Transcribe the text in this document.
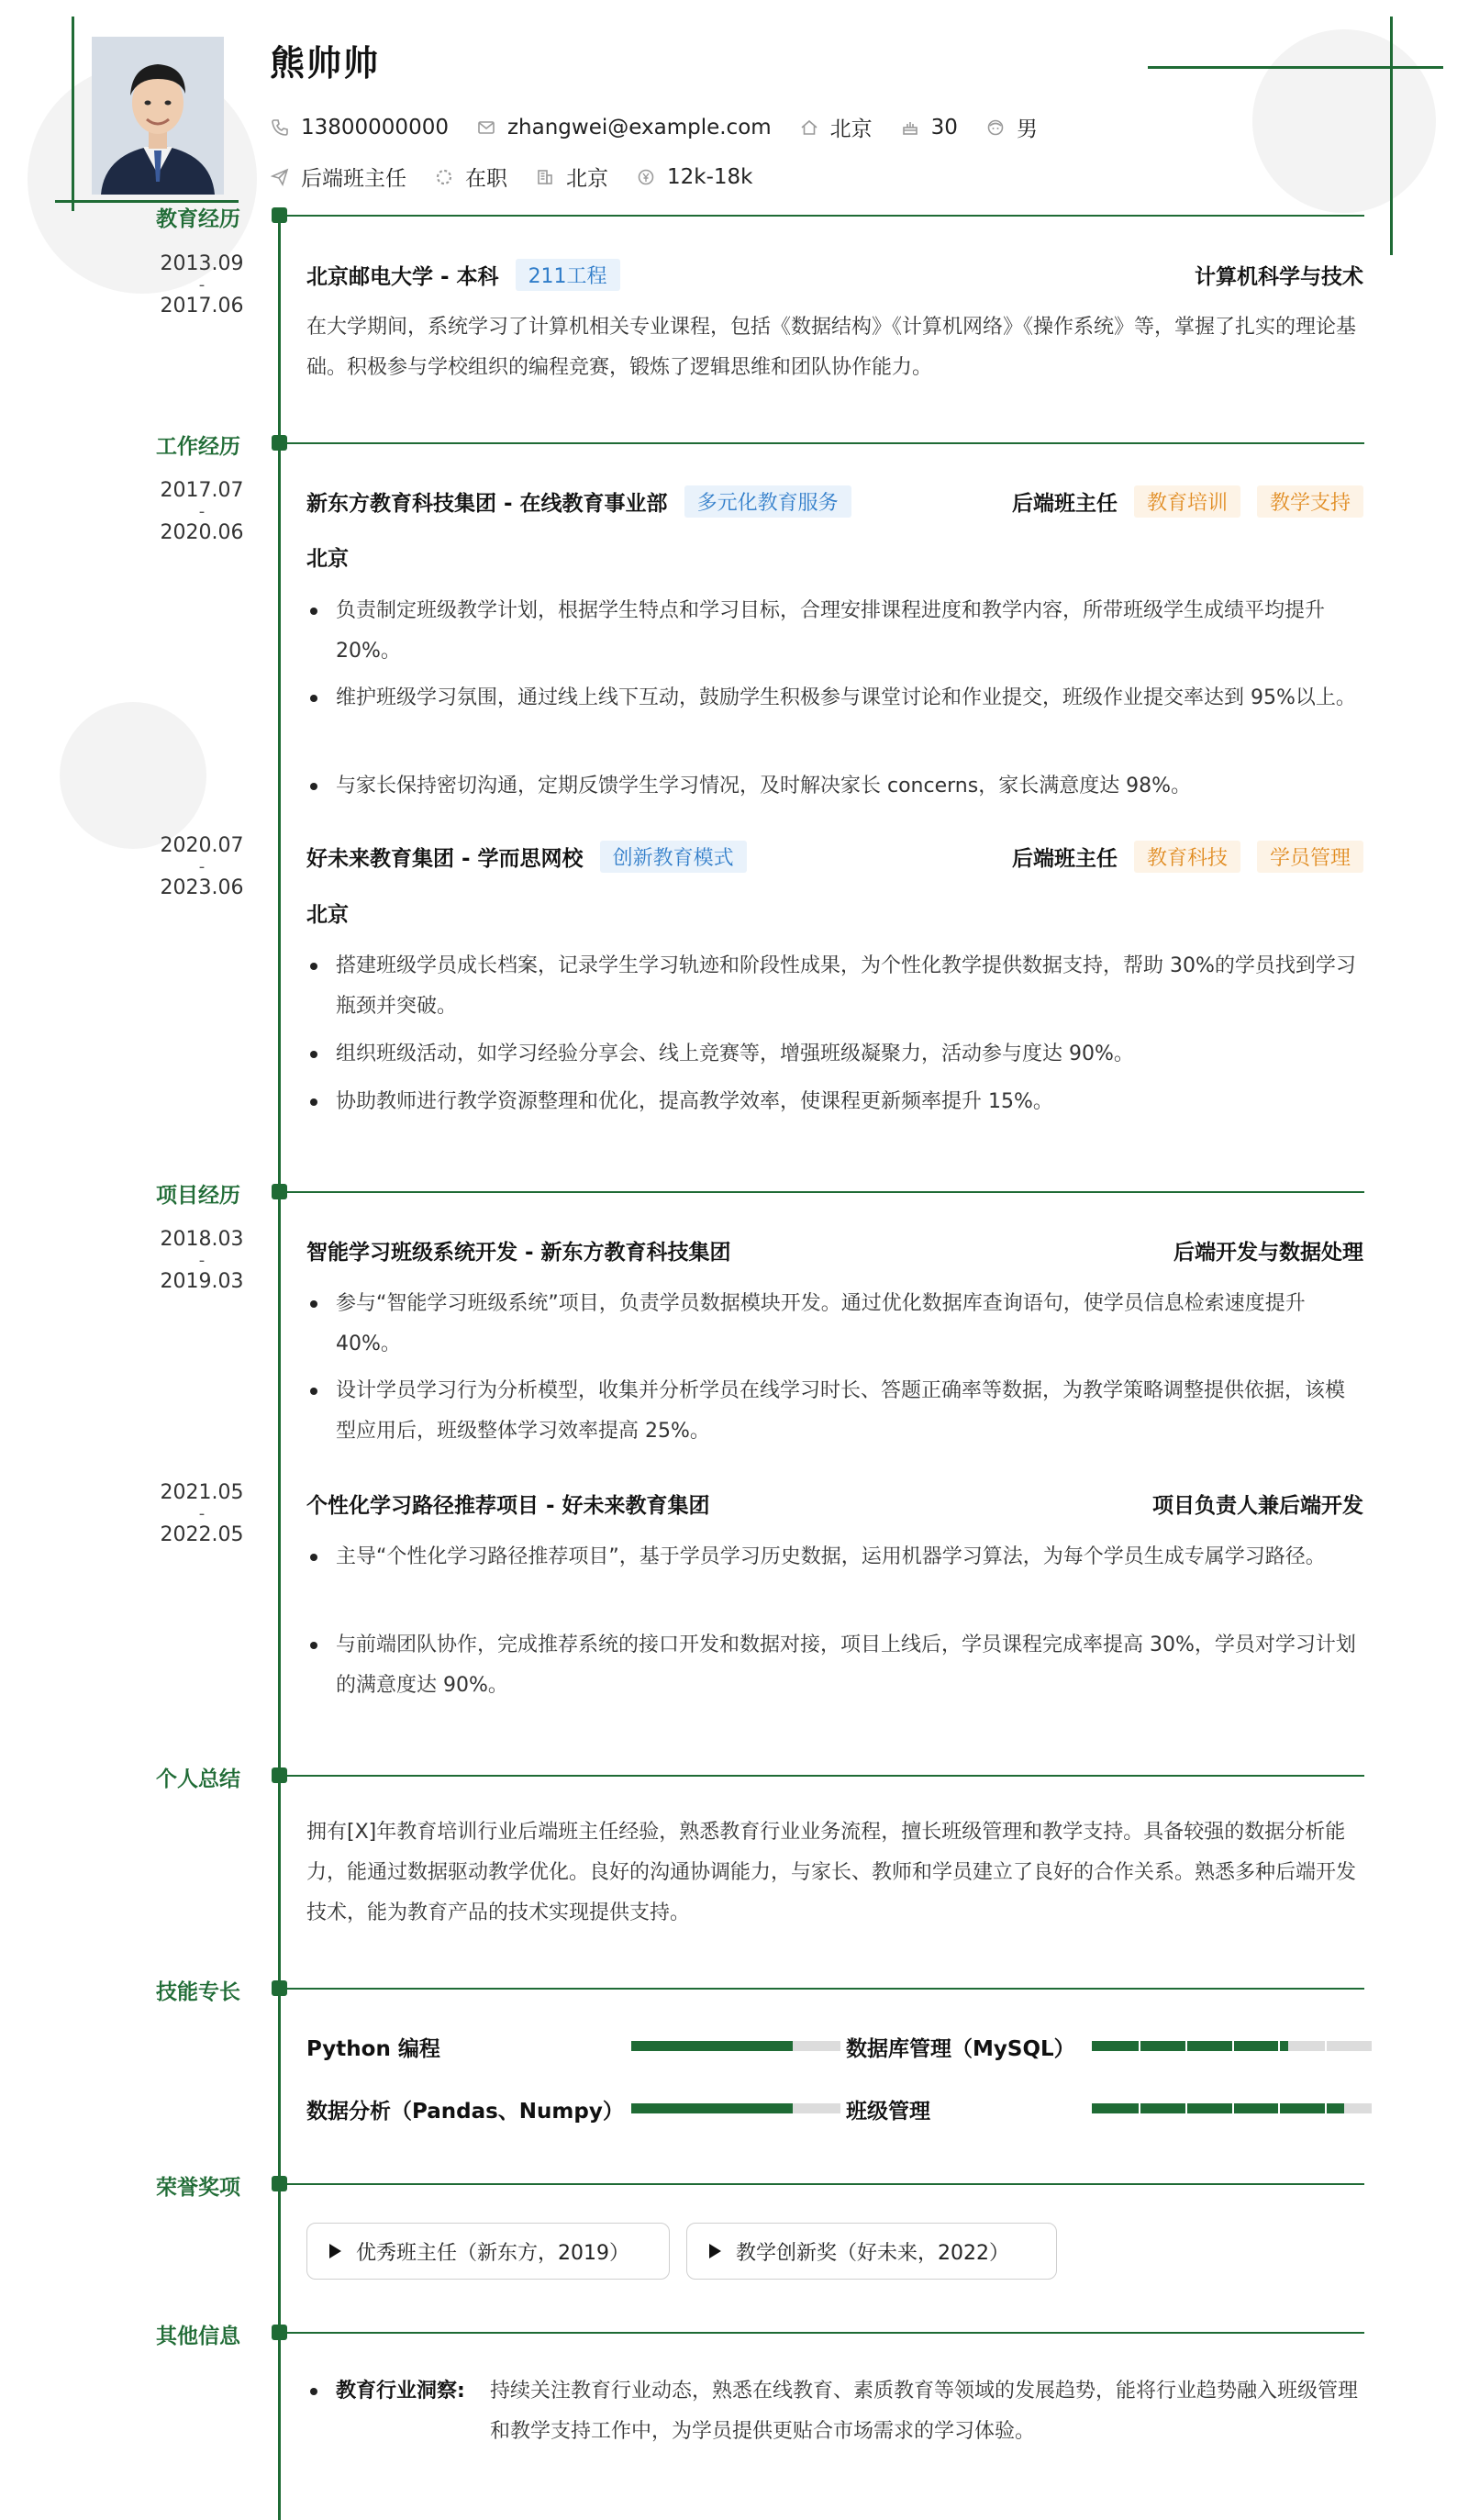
熊帅帅
13800000000	zhangwei@example.com	北京	30	男
后端班主任	在职	北京	12k-18k
教育经历
2013.09
-
2017.06
北京邮电大学 - 本科	211工程	计算机科学与技术
在大学期间，系统学习了计算机相关专业课程，包括《数据结构》《计算机网络》《操作系统》等，掌握了扎实的理论基础。积极参与学校组织的编程竞赛，锻炼了逻辑思维和团队协作能力。
工作经历
2017.07
-
2020.06
新东方教育科技集团 - 在线教育事业部	多元化教育服务	后端班主任	教育培训	教学支持
北京
负责制定班级教学计划，根据学生特点和学习目标，合理安排课程进度和教学内容，所带班级学生成绩平均提升 20%。
维护班级学习氛围，通过线上线下互动，鼓励学生积极参与课堂讨论和作业提交，班级作业提交率达到 95%以上。
与家长保持密切沟通，定期反馈学生学习情况，及时解决家长 concerns，家长满意度达 98%。
2020.07
-
2023.06
好未来教育集团 - 学而思网校	创新教育模式	后端班主任	教育科技	学员管理
北京
搭建班级学员成长档案，记录学生学习轨迹和阶段性成果，为个性化教学提供数据支持，帮助 30%的学员找到学习瓶颈并突破。
组织班级活动，如学习经验分享会、线上竞赛等，增强班级凝聚力，活动参与度达 90%。
协助教师进行教学资源整理和优化，提高教学效率，使课程更新频率提升 15%。
项目经历
2018.03
-
2019.03
智能学习班级系统开发 - 新东方教育科技集团	后端开发与数据处理
参与“智能学习班级系统”项目，负责学员数据模块开发。通过优化数据库查询语句，使学员信息检索速度提升 40%。
设计学员学习行为分析模型，收集并分析学员在线学习时长、答题正确率等数据，为教学策略调整提供依据，该模型应用后，班级整体学习效率提高 25%。
2021.05
-
2022.05
个性化学习路径推荐项目 - 好未来教育集团	项目负责人兼后端开发
主导“个性化学习路径推荐项目”，基于学员学习历史数据，运用机器学习算法，为每个学员生成专属学习路径。
与前端团队协作，完成推荐系统的接口开发和数据对接，项目上线后，学员课程完成率提高 30%，学员对学习计划的满意度达 90%。
个人总结
拥有[X]年教育培训行业后端班主任经验，熟悉教育行业业务流程，擅长班级管理和教学支持。具备较强的数据分析能力，能通过数据驱动教学优化。良好的沟通协调能力，与家长、教师和学员建立了良好的合作关系。熟悉多种后端开发技术，能为教育产品的技术实现提供支持。
技能专长
Python 编程	数据库管理（MySQL）
数据分析（Pandas、Numpy）	班级管理
荣誉奖项
优秀班主任（新东方，2019）	教学创新奖（好未来，2022）
其他信息
教育行业洞察: 持续关注教育行业动态，熟悉在线教育、素质教育等领域的发展趋势，能将行业趋势融入班级管理和教学支持工作中，为学员提供更贴合市场需求的学习体验。
